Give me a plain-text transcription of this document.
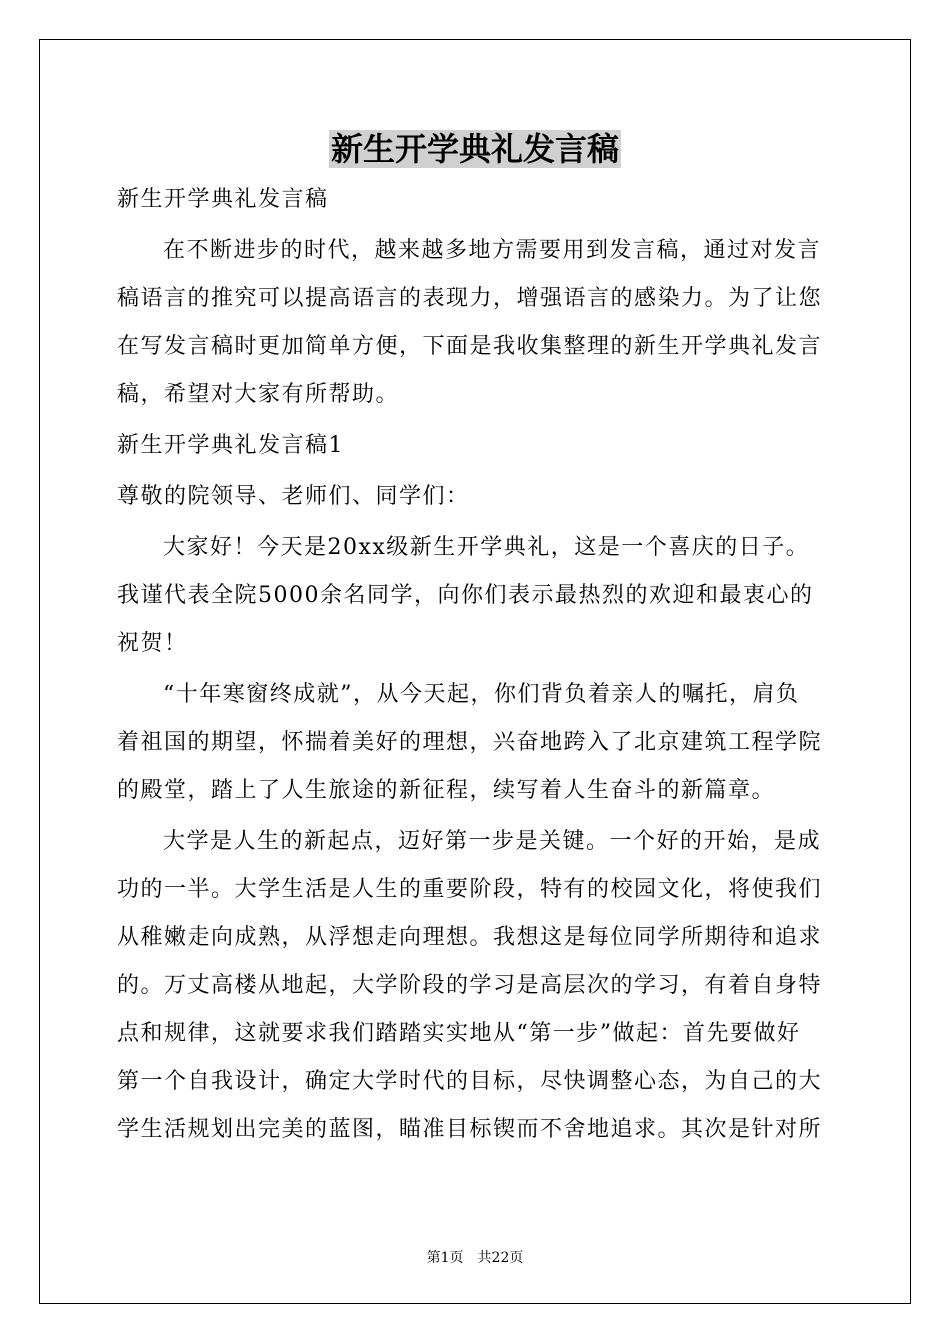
新生开学典礼发言稿

新生开学典礼发言稿

在不断进步的时代，越来越多地方需要用到发言稿，通过对发言
稿语言的推究可以提高语言的表现力，增强语言的感染力。为了让您
在写发言稿时更加简单方便，下面是我收集整理的新生开学典礼发言
稿，希望对大家有所帮助。

新生开学典礼发言稿1

尊敬的院领导、老师们、同学们：

大家好！今天是20xx级新生开学典礼，这是一个喜庆的日子。
我谨代表全院5000余名同学，向你们表示最热烈的欢迎和最衷心的
祝贺！

“十年寒窗终成就”，从今天起，你们背负着亲人的嘱托，肩负
着祖国的期望，怀揣着美好的理想，兴奋地跨入了北京建筑工程学院
的殿堂，踏上了人生旅途的新征程，续写着人生奋斗的新篇章。

大学是人生的新起点，迈好第一步是关键。一个好的开始，是成
功的一半。大学生活是人生的重要阶段，特有的校园文化，将使我们
从稚嫩走向成熟，从浮想走向理想。我想这是每位同学所期待和追求
的。万丈高楼从地起，大学阶段的学习是高层次的学习，有着自身特
点和规律，这就要求我们踏踏实实地从“第一步”做起：首先要做好
第一个自我设计，确定大学时代的目标，尽快调整心态，为自己的大
学生活规划出完美的蓝图，瞄准目标锲而不舍地追求。其次是针对所

第1页　共22页
